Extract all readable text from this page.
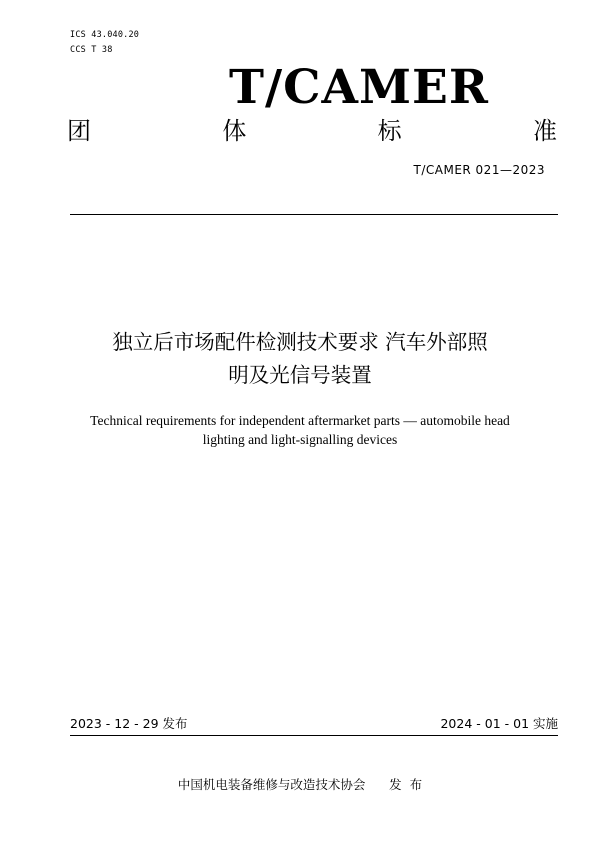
ICS 43.040.20
CCS T 38
T/CAMER
团	体	标	准
T/CAMER 021—2023
独立后市场配件检测技术要求 汽车外部照
明及光信号装置
Technical requirements for independent aftermarket parts — automobile head
lighting and light-signalling devices
2023 - 12 - 29 发布	2024 - 01 - 01 实施
中国机电装备维修与改造技术协会      发  布
